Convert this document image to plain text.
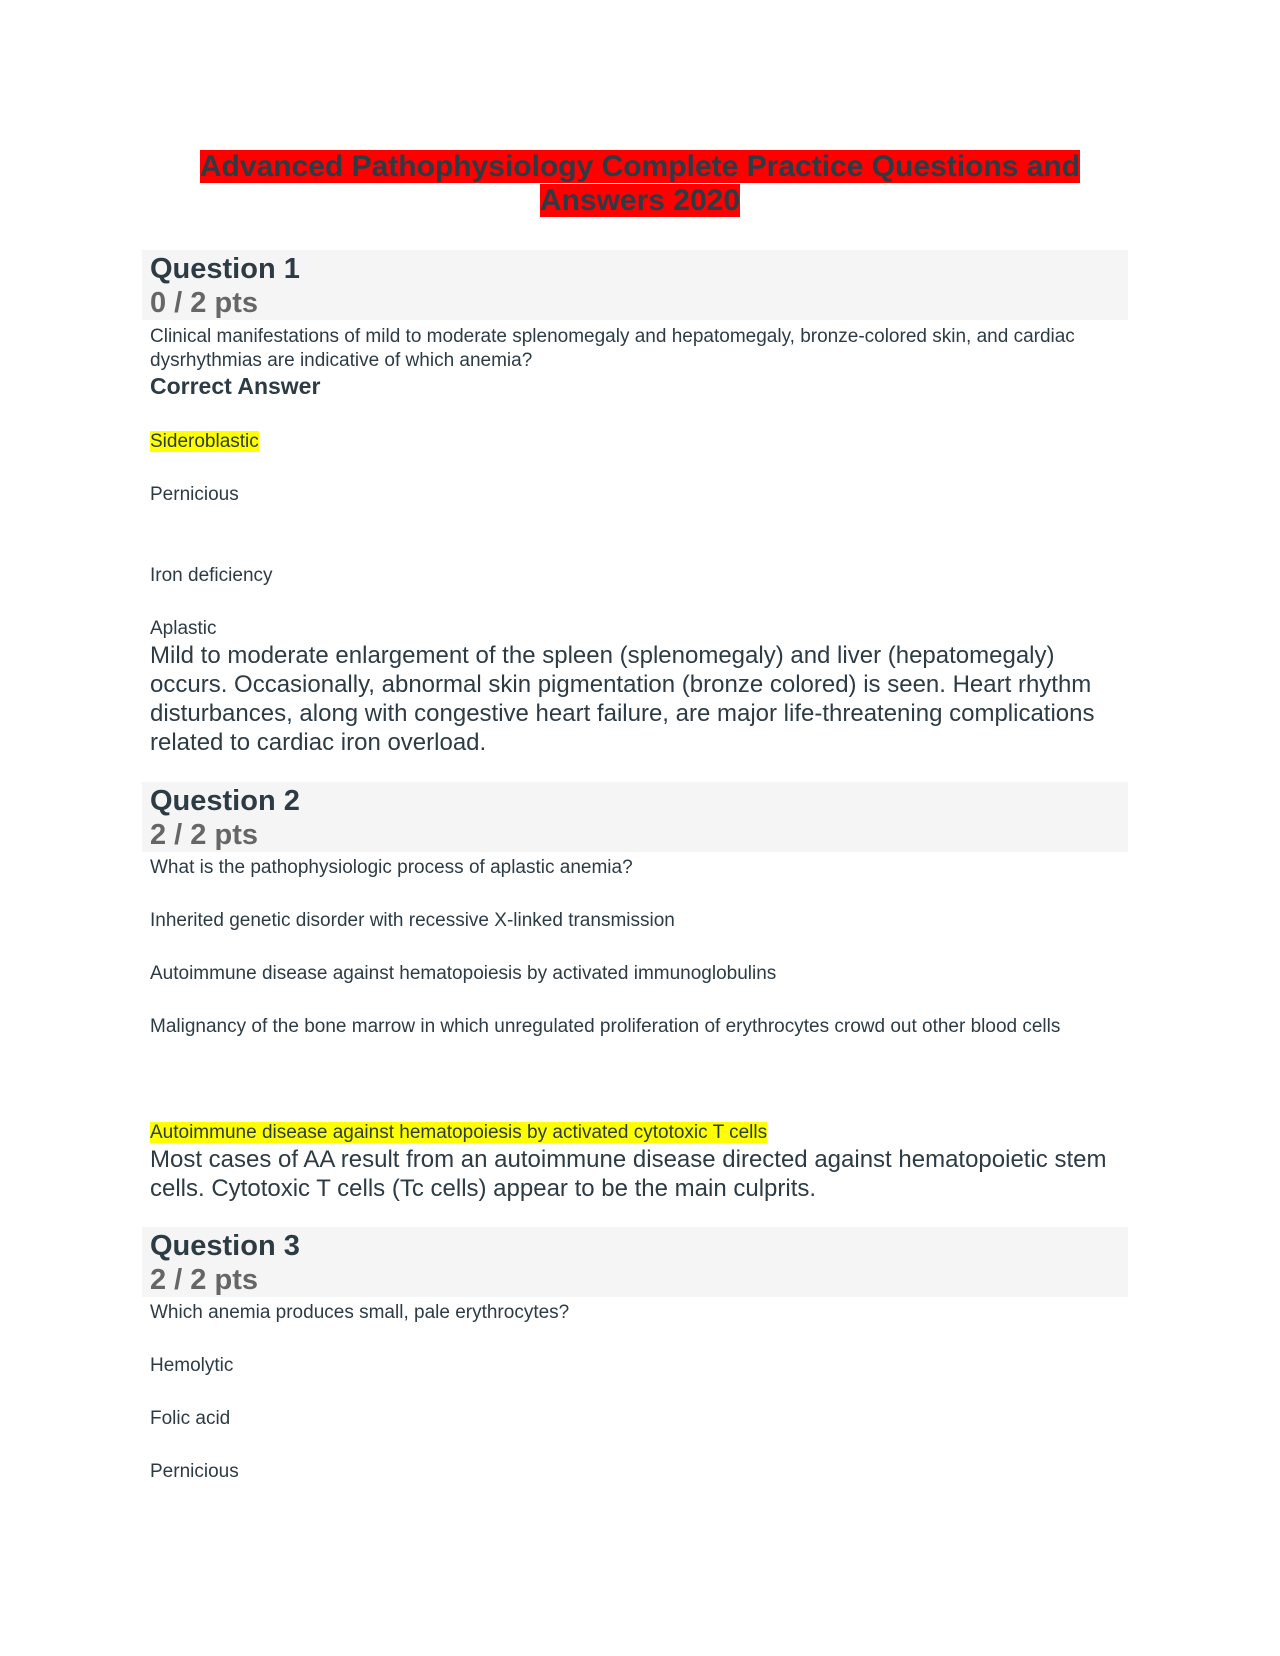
Advanced Pathophysiology Complete Practice Questions and
Answers 2020
Question 1
0 / 2 pts
Clinical manifestations of mild to moderate splenomegaly and hepatomegaly, bronze-colored skin, and cardiac dysrhythmias are indicative of which anemia?
Correct Answer
Sideroblastic
Pernicious
Iron deficiency
Aplastic
Mild to moderate enlargement of the spleen (splenomegaly) and liver (hepatomegaly) occurs. Occasionally, abnormal skin pigmentation (bronze colored) is seen. Heart rhythm disturbances, along with congestive heart failure, are major life-threatening complications related to cardiac iron overload.
Question 2
2 / 2 pts
What is the pathophysiologic process of aplastic anemia?
Inherited genetic disorder with recessive X-linked transmission
Autoimmune disease against hematopoiesis by activated immunoglobulins
Malignancy of the bone marrow in which unregulated proliferation of erythrocytes crowd out other blood cells
Autoimmune disease against hematopoiesis by activated cytotoxic T cells
Most cases of AA result from an autoimmune disease directed against hematopoietic stem cells. Cytotoxic T cells (Tc cells) appear to be the main culprits.
Question 3
2 / 2 pts
Which anemia produces small, pale erythrocytes?
Hemolytic
Folic acid
Pernicious
